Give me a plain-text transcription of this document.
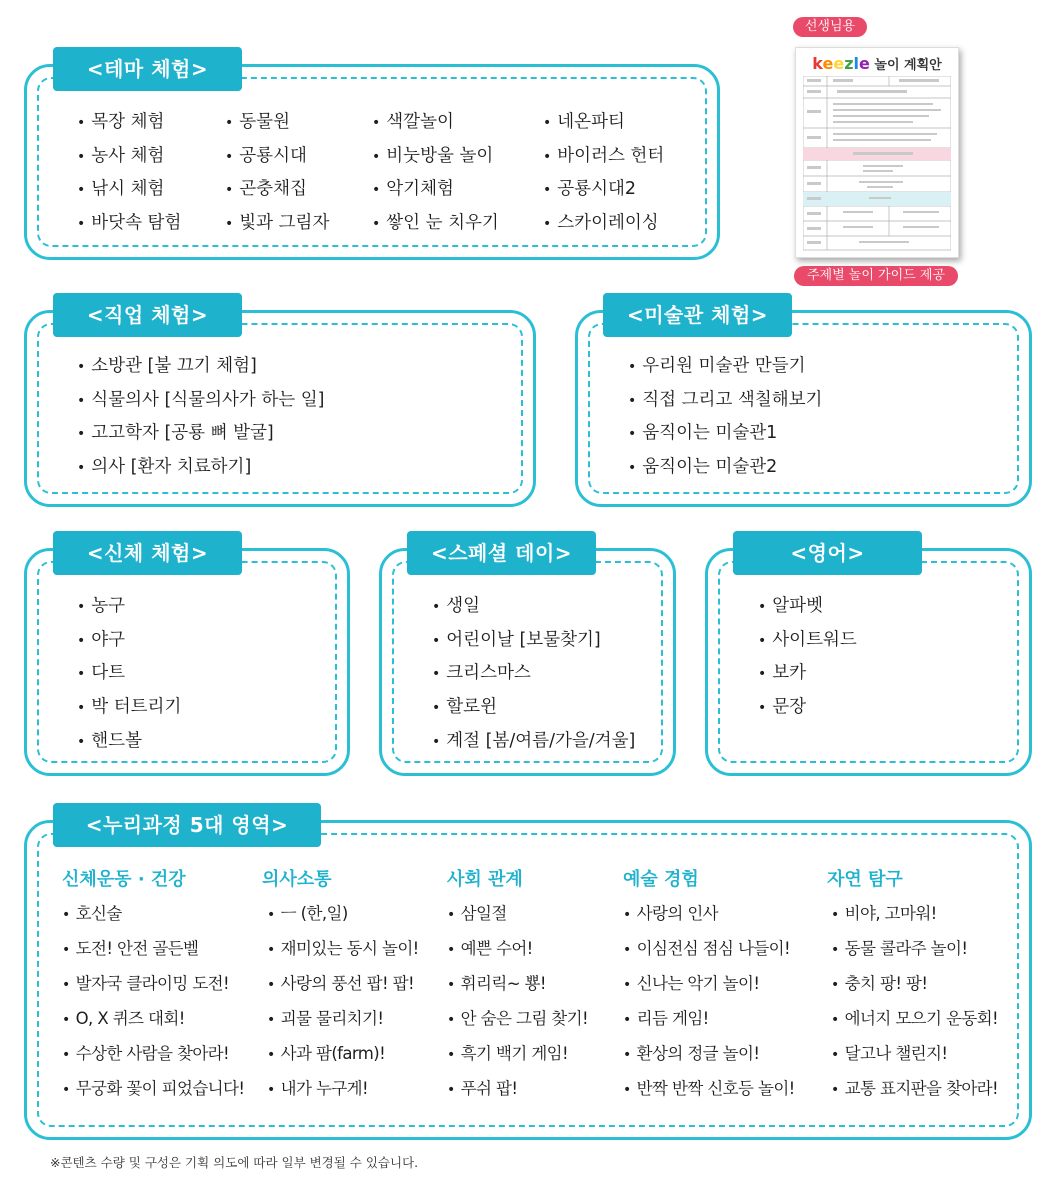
<테마 체험>
• 목장 체험
• 농사 체험
• 낚시 체험
• 바닷속 탐험
• 동물원
• 공룡시대
• 곤충채집
• 빛과 그림자
• 색깔놀이
• 비눗방울 놀이
• 악기체험
• 쌓인 눈 치우기
• 네온파티
• 바이러스 헌터
• 공룡시대2
• 스카이레이싱
선생님용
keezle 놀이 계획안
주제별 놀이 가이드 제공
<직업 체험>
• 소방관 [불 끄기 체험]
• 식물의사 [식물의사가 하는 일]
• 고고학자 [공룡 뼈 발굴]
• 의사 [환자 치료하기]
<미술관 체험>
• 우리원 미술관 만들기
• 직접 그리고 색칠해보기
• 움직이는 미술관1
• 움직이는 미술관2
<신체 체험>
• 농구
• 야구
• 다트
• 박 터트리기
• 핸드볼
<스페셜 데이>
• 생일
• 어린이날 [보물찾기]
• 크리스마스
• 할로윈
• 계절 [봄/여름/가을/겨울]
<영어>
• 알파벳
• 사이트워드
• 보카
• 문장
<누리과정 5대 영역>
신체운동 · 건강
• 호신술
• 도전! 안전 골든벨
• 발자국 클라이밍 도전!
• O, X 퀴즈 대회!
• 수상한 사람을 찾아라!
• 무궁화 꽃이 피었습니다!
의사소통
• ㅡ (한,일)
• 재미있는 동시 놀이!
• 사랑의 풍선 팝! 팝!
• 괴물 물리치기!
• 사과 팜(farm)!
• 내가 누구게!
사회 관계
• 삼일절
• 예쁜 수어!
• 휘리릭~ 뿅!
• 안 숨은 그림 찾기!
• 흑기 백기 게임!
• 푸쉬 팝!
예술 경험
• 사랑의 인사
• 이심전심 점심 나들이!
• 신나는 악기 놀이!
• 리듬 게임!
• 환상의 정글 놀이!
• 반짝 반짝 신호등 놀이!
자연 탐구
• 비야, 고마워!
• 동물 콜라주 놀이!
• 충치 팡! 팡!
• 에너지 모으기 운동회!
• 달고나 챌린지!
• 교통 표지판을 찾아라!
※콘텐츠 수량 및 구성은 기획 의도에 따라 일부 변경될 수 있습니다.
